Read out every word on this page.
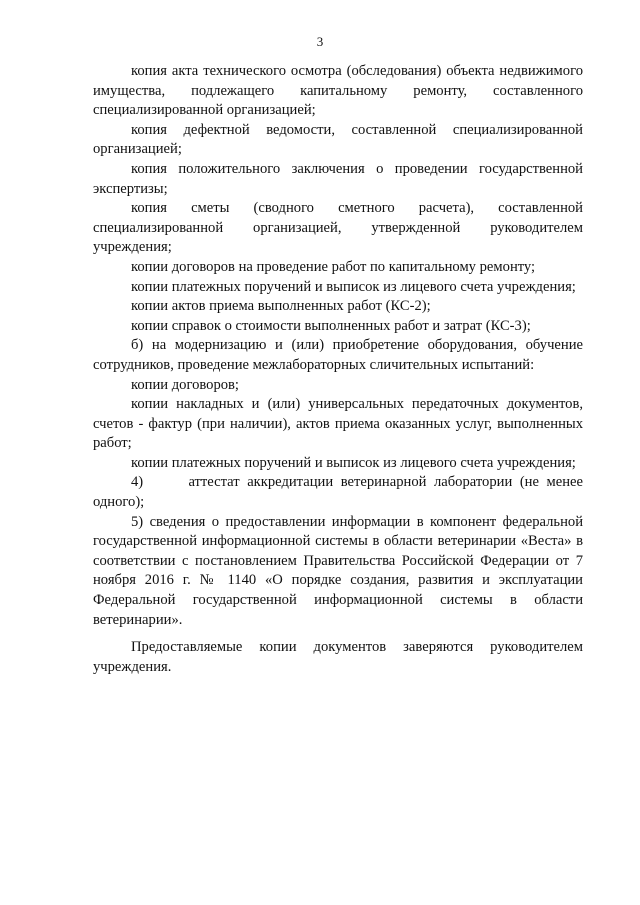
3

копия акта технического осмотра (обследования) объекта недвижимого имущества, подлежащего капитальному ремонту, составленного специализированной организацией;

копия дефектной ведомости, составленной специализированной организацией;

копия положительного заключения о проведении государственной экспертизы;

копия сметы (сводного сметного расчета), составленной специализированной организацией, утвержденной руководителем учреждения;

копии договоров на проведение работ по капитальному ремонту;

копии платежных поручений и выписок из лицевого счета учреждения;

копии актов приема выполненных работ (КС-2);

копии справок о стоимости выполненных работ и затрат (КС-3);

б) на модернизацию и (или) приобретение оборудования, обучение сотрудников, проведение межлабораторных сличительных испытаний:

копии договоров;

копии накладных и (или) универсальных передаточных документов, счетов - фактур (при наличии), актов приема оказанных услуг, выполненных работ;

копии платежных поручений и выписок из лицевого счета учреждения;

4)      аттестат аккредитации ветеринарной лаборатории (не менее одного);

5) сведения о предоставлении информации в компонент федеральной государственной информационной системы в области ветеринарии «Веста» в соответствии с постановлением Правительства Российской Федерации от 7 ноября 2016 г. № 1140 «О порядке создания, развития и эксплуатации Федеральной государственной информационной системы в области ветеринарии».

Предоставляемые копии документов заверяются руководителем учреждения.
